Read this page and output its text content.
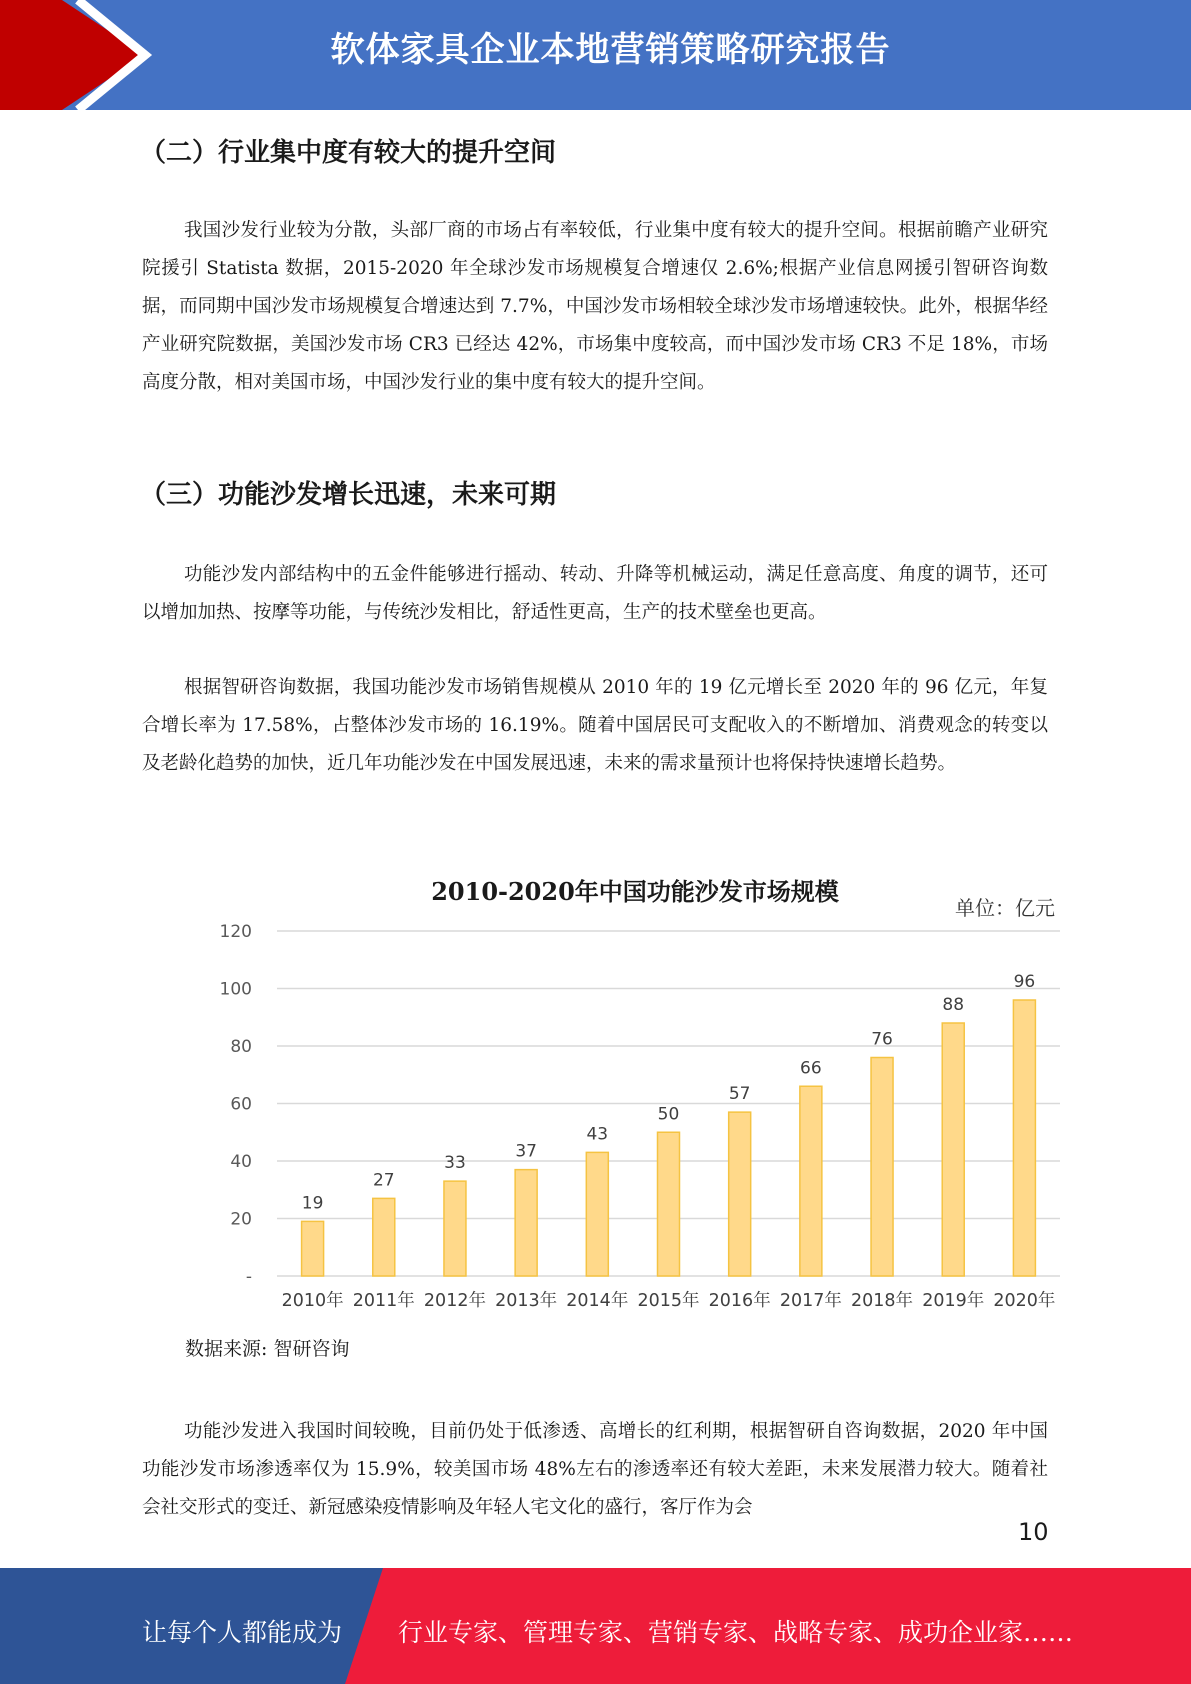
软体家具企业本地营销策略研究报告
（二）行业集中度有较大的提升空间

我国沙发行业较为分散，头部厂商的市场占有率较低，行业集中度有较大的提升空间。根据前瞻产业研究院援引 Statista 数据，2015-2020 年全球沙发市场规模复合增速仅 2.6%;根据产业信息网援引智研咨询数据，而同期中国沙发市场规模复合增速达到 7.7%，中国沙发市场相较全球沙发市场增速较快。此外，根据华经产业研究院数据，美国沙发市场 CR3 已经达 42%，市场集中度较高，而中国沙发市场 CR3 不足 18%，市场高度分散，相对美国市场，中国沙发行业的集中度有较大的提升空间。

（三）功能沙发增长迅速，未来可期

功能沙发内部结构中的五金件能够进行摇动、转动、升降等机械运动，满足任意高度、角度的调节，还可以增加加热、按摩等功能，与传统沙发相比，舒适性更高，生产的技术壁垒也更高。

根据智研咨询数据，我国功能沙发市场销售规模从 2010 年的 19 亿元增长至 2020 年的 96 亿元，年复合增长率为 17.58%，占整体沙发市场的 16.19%。随着中国居民可支配收入的不断增加、消费观念的转变以及老龄化趋势的加快，近几年功能沙发在中国发展迅速，未来的需求量预计也将保持快速增长趋势。

功能沙发进入我国时间较晚，目前仍处于低渗透、高增长的红利期，根据智研自咨询数据，2020 年中国功能沙发市场渗透率仅为 15.9%，较美国市场 48%左右的渗透率还有较大差距，未来发展潜力较大。随着社会社交形式的变迁、新冠感染疫情影响及年轻人宅文化的盛行，客厅作为会

2010-2020年中国功能沙发市场规模
单位：亿元
-
20
40
60
80
100
120
19
2010年
27
2011年
33
2012年
37
2013年
43
2014年
50
2015年
57
2016年
66
2017年
76
2018年
88
2019年
96
2020年
数据来源: 智研咨询
10
让每个人都能成为 行业专家、管理专家、营销专家、战略专家、成功企业家……
